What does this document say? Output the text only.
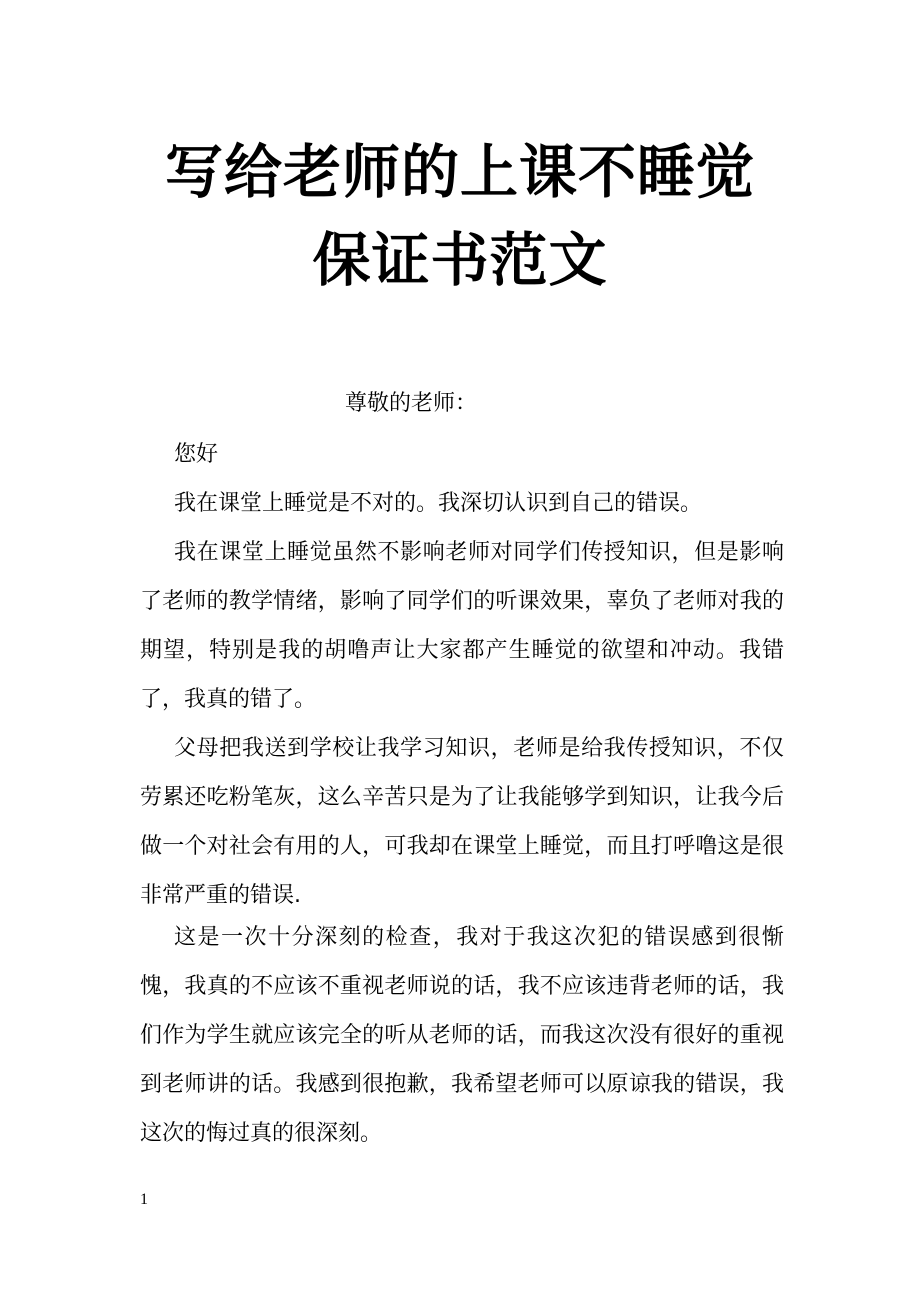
写给老师的上课不睡觉保证书范文
尊敬的老师：

您好

我在课堂上睡觉是不对的。我深切认识到自己的错误。

我在课堂上睡觉虽然不影响老师对同学们传授知识，但是影响了老师的教学情绪，影响了同学们的听课效果，辜负了老师对我的期望，特别是我的胡噜声让大家都产生睡觉的欲望和冲动。我错了，我真的错了。

父母把我送到学校让我学习知识，老师是给我传授知识，不仅劳累还吃粉笔灰，这么辛苦只是为了让我能够学到知识，让我今后做一个对社会有用的人，可我却在课堂上睡觉，而且打呼噜这是很非常严重的错误.

这是一次十分深刻的检查，我对于我这次犯的错误感到很惭愧，我真的不应该不重视老师说的话，我不应该违背老师的话，我们作为学生就应该完全的听从老师的话，而我这次没有很好的重视到老师讲的话。我感到很抱歉，我希望老师可以原谅我的错误，我这次的悔过真的很深刻。

1
